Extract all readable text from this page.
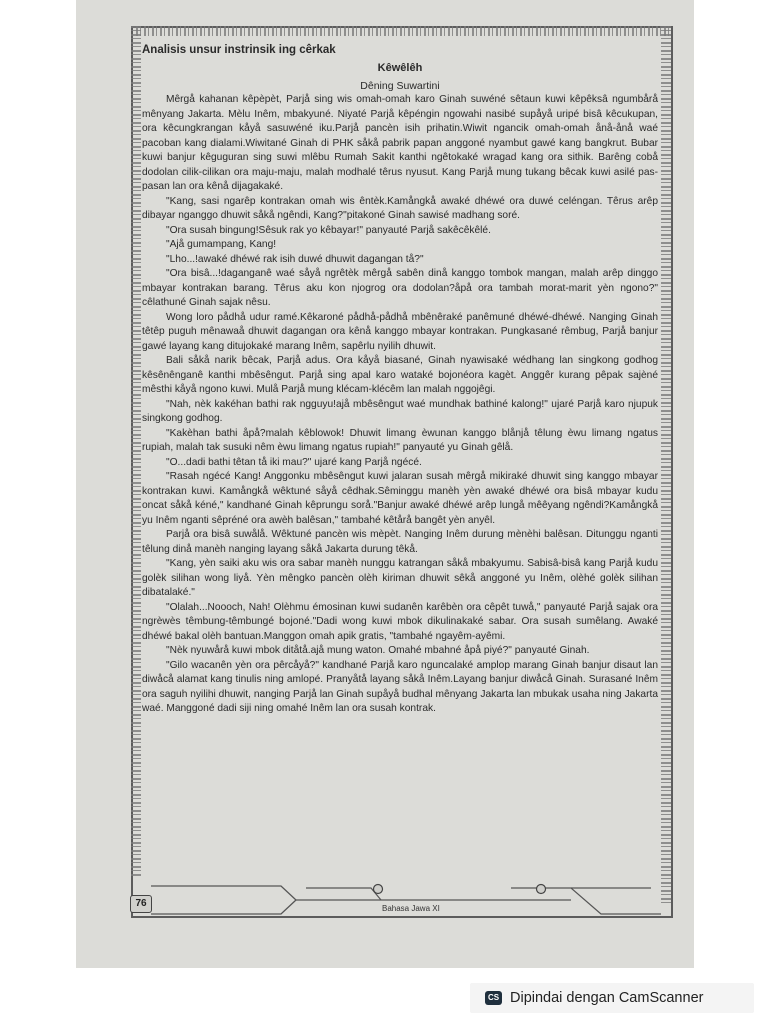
Analisis unsur instrinsik ing cêrkak
Kêwêlêh
Dêning Suwartini

Mêrgå kahanan kêpèpèt, Parjå sing wis omah-omah karo Ginah suwéné sêtaun kuwi kêpêksâ ngumbårå mênyang Jakarta. Mèlu Inêm, mbakyuné. Niyaté Parjå kêpéngin ngowahi nasibé supåyå uripé bisâ kêcukupan, ora kêcungkrangan kåyå sasuwéné iku.Parjå pancèn isih prihatin.Wiwit ngancik omah-omah ånå-ånå waé pacoban kang dialami.Wiwitané Ginah di PHK såkå pabrik papan anggoné nyambut gawé kang bangkrut. Bubar kuwi banjur kêguguran sing suwi mlêbu Rumah Sakit kanthi ngêtokaké wragad kang ora sithik. Barêng cobå dodolan cilik-cilikan ora maju-maju, malah modhalé têrus nyusut. Kang Parjå mung tukang bêcak kuwi asilé pas-pasan lan ora kênå dijagakaké.

"Kang, sasi ngarêp kontrakan omah wis êntèk.Kamångkå awaké dhéwé ora duwé celéngan. Têrus arêp dibayar nganggo dhuwit såkå ngêndi, Kang?"pitakoné Ginah sawisé madhang soré.

"Ora susah bingung!Sêsuk rak yo kêbayar!" panyauté Parjå sakêcêkêlé.

"Ajå gumampang, Kang!

"Lho...!awaké dhéwé rak isih duwé dhuwit dagangan tå?"

"Ora bisâ...!daganganê waé såyå ngrêtèk mêrgå sabên dinå kanggo tombok mangan, malah arêp dinggo mbayar kontrakan barang. Têrus aku kon njogrog ora dodolan?åpå ora tambah morat-marit yèn ngono?" cêlathuné Ginah sajak nêsu.

Wong loro pådhå udur ramé.Kêkaroné pådhå-pådhå mbênêraké panêmuné dhéwé-dhéwé. Nanging Ginah têtêp puguh mênawaå dhuwit dagangan ora kênå kanggo mbayar kontrakan. Pungkasané rêmbug, Parjå banjur gawé layang kang ditujokaké marang Inêm, sapêrlu nyilih dhuwit.

Bali såkå narik bêcak, Parjå adus. Ora kåyå biasané, Ginah nyawisaké wédhang lan singkong godhog kêsênênganê kanthi mbêsêngut. Parjå sing apal karo wataké bojonéora kagèt. Anggêr kurang pêpak sajèné mêsthi kåyå ngono kuwi. Mulå Parjå mung klécam-klécêm lan malah nggojêgi.

"Nah, nèk kakéhan bathi rak ngguyu!ajå mbêsêngut waé mundhak bathiné kalong!" ujaré Parjå karo njupuk singkong godhog.

"Kakèhan bathi åpå?malah kêblowok! Dhuwit limang èwunan kanggo blånjå têlung èwu limang ngatus rupiah, malah tak susuki nêm èwu limang ngatus rupiah!" panyauté yu Ginah gêlå.

"O...dadi bathi têtan tå iki mau?" ujaré kang Parjå ngécé.

"Rasah ngécé Kang! Anggonku mbêsêngut kuwi jalaran susah mêrgå mikiraké dhuwit sing kanggo mbayar kontrakan kuwi. Kamångkå wêktuné såyå cêdhak.Sêminggu manèh yèn awaké dhéwé ora bisâ mbayar kudu oncat såkå kéné," kandhané Ginah kêprungu sorå."Banjur awaké dhéwé arêp lungå mêêyang ngêndi?Kamångkå yu Inêm nganti sêpréné ora awèh balêsan," tambahé kêtårå bangêt yèn anyêl.

Parjå ora bisâ suwålå. Wêktuné pancèn wis mèpèt. Nanging Inêm durung mènèhi balêsan. Ditunggu nganti têlung dinå manèh nanging layang såkå Jakarta durung têkå.

"Kang, yèn saiki aku wis ora sabar manèh nunggu katrangan såkå mbakyumu. Sabisâ-bisâ kang Parjå kudu golèk silihan wong liyå. Yèn mêngko pancèn olèh kiriman dhuwit sêkå anggoné yu Inêm, olèhé golèk silihan dibatalaké."

"Olalah...Noooch, Nah! Olèhmu émosinan kuwi sudanên karêbèn ora cêpêt tuwå," panyauté Parjå sajak ora ngrèwès têmbung-têmbungé bojoné."Dadi wong kuwi mbok dikulinakaké sabar. Ora susah sumêlang. Awaké dhéwé bakal olèh bantuan.Manggon omah apik gratis, "tambahé ngayêm-ayêmi.

"Nèk nyuwårå kuwi mbok ditåtå.ajå mung waton. Omahé mbahné åpå piyé?" panyauté Ginah.

"Gilo wacanên yèn ora pêrcåyå?" kandhané Parjå karo nguncalaké amplop marang Ginah banjur disaut lan diwåcå alamat kang tinulis ning amlopé. Pranyåtå layang såkå Inêm.Layang banjur diwåcå Ginah. Surasané Inêm ora saguh nyilihi dhuwit, nanging Parjå lan Ginah supåyå budhal mênyang Jakarta lan mbukak usaha ning Jakarta waé. Manggoné dadi siji ning omahé Inêm lan ora susah kontrak.

76	Bahasa Jawa XI
CS Dipindai dengan CamScanner
